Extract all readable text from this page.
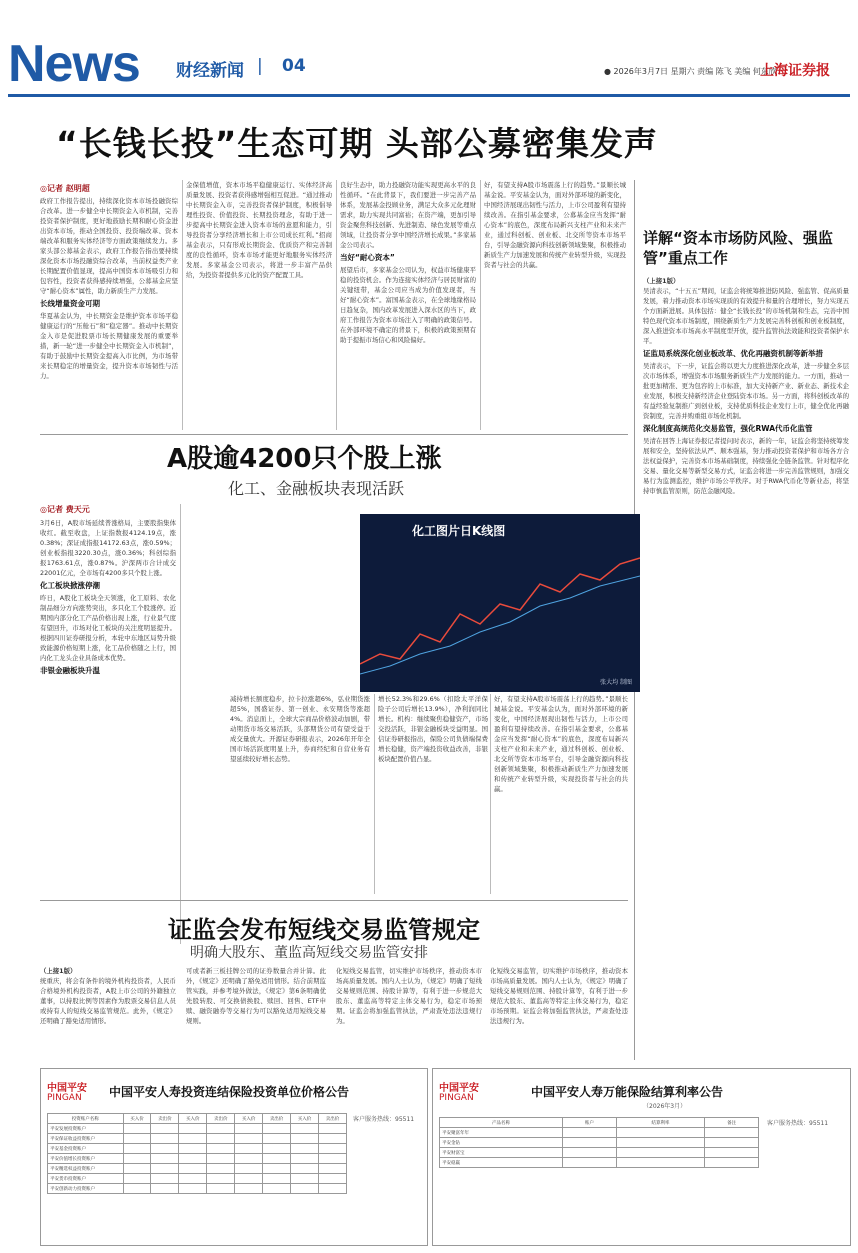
News 财经新闻 | 04	● 2026年3月7日 星期六 责编 陈飞 美编 何东欣
上海证券报
“长钱长投”生态可期 头部公募密集发声
◎记者 赵明超
政府工作报告提出，持续深化资本市场投融资综合改革。进一步健全中长期资金入市机制，完善投资者保护制度，更好地鼓励长期和耐心资金进出资本市场，推动全国投资、投资端改革、资本端改革和服务实体经济等方面政策继续发力。多家头部公募基金表示，政府工作报告指出要持续深化资本市场投融资综合改革，当前权益类产业长期配置价值显现，提高中国资本市场吸引力和包容性，投资者获得感持续增强，公募基金应坚守“耐心资本”属性，助力新质生产力发展。
长线增量资金可期
华夏基金认为，中长期资金是维护资本市场平稳健康运行的“压舱石”和“稳定器”。推动中长期资金入市是促进股票市场长期健康发展的重要举措，新一轮“进一步健全中长期资金入市机制”，有助于鼓励中长期资金提高入市比例，为市场带来长期稳定的增量资金，提升资本市场韧性与活力。
金保值增值，资本市场平稳健康运行、实体经济高质量发展、投资者获得感增强相互促进。“通过推动中长期资金入市，完善投资者保护制度，积极倡导理性投资、价值投资、长期投资理念，有助于进一步提高中长期资金进入资本市场的意愿和能力，引导投资者分享经济增长和上市公司成长红利。”招商基金表示，只有形成长期资金、优质资产和完善制度的良性循环，资本市场才能更好地服务实体经济发展。多家基金公司表示，将进一步丰富产品供给，为投资者提供多元化的资产配置工具。
良好生态中，助力投融资功能实现更高水平的良性循环。“在此背景下，我们要进一步完善产品体系，发展基金投顾业务，满足大众多元化理财需求，助力实现共同富裕；在资产端，更加引导资金聚焦科技创新、先进制造、绿色发展等重点领域，让投资者分享中国经济增长成果。”多家基金公司表示。
当好“耐心资本”
展望后市，多家基金公司认为，权益市场健康平稳的投资机会。作为连接实体经济与居民财富的关键纽带，基金公司应当成为价值发现者，当好“耐心资本”。富国基金表示，在全球地缘格局日趋复杂，国内改革发展进入深水区的当下，政府工作报告为资本市场注入了明确的政策信号。在外部环境不确定的背景下，积极的政策预期有助于提振市场信心和风险偏好。
好，有望支持A股市场震荡上行的趋势。”景顺长城基金说。平安基金认为，面对外部环境的新变化，中国经济展现出韧性与活力，上市公司盈利有望持续改善。在指引基金要求，公募基金应当发挥“耐心资本”的底色，深度布局新兴支柱产业和未来产业，通过科创板、创业板、北交所等资本市场平台，引导金融资源向科技创新领域集聚，积极推动新质生产力加速发展和传统产业转型升级，实现投资者与社会的共赢。
详解“资本市场防风险、强监管”重点工作
（上接1版）
吴清表示，“十五五”期间，证监会将统筹推进防风险、强监管、促高质量发展，着力推动资本市场实现质的有效提升和量的合理增长，努力实现五个方面新进展。具体包括：健全“长钱长投”的市场机制和生态，完善中国特色现代资本市场制度，围绕新质生产力发展完善科创板和创业板制度，深入推进资本市场高水平制度型开放，提升监管执法效能和投资者保护水平。
证监局系统深化创业板改革、优化再融资机制等新举措
吴清表示，下一步，证监会将以更大力度推进深化改革，进一步健全多层次市场体系，增强资本市场服务新质生产力发展的能力。一方面，推动一批更加精准、更为包容的上市标准，加大支持新产业、新业态、新技术企业发展，积极支持新经济企业登陆资本市场。另一方面，将科创板改革的有益经验复制推广到创业板，支持优质科技企业发行上市，健全优化再融资制度，完善并购重组市场化机制。
深化制度高规范化交易监管，强化RWA代币化监管
吴清在回答上海证券报记者提问时表示，新的一年，证监会将坚持统筹发展和安全，坚持依法从严、顺本强基，努力推动投资者保护和市场各方合法权益保护，完善资本市场基础制度，持续强化全链条监管。针对程序化交易、量化交易等新型交易方式，证监会将进一步完善监管规则，加强交易行为监测监控，维护市场公平秩序。对于RWA代币化等新业态，将坚持审慎监管原则，防范金融风险。
A股逾4200只个股上涨
化工、金融板块表现活跃
◎记者 费天元
3月6日，A股市场延续普涨格局，主要股指集体收红。截至收盘，上证指数报4124.19点，涨0.38%；深证成指报14172.63点，涨0.59%；创业板指报3220.30点，涨0.36%；科创综指报1763.61点，涨0.87%。沪深两市合计成交22001亿元，全市场有4200多只个股上涨。
化工板块掀涨停潮
昨日，A股化工板块全天领涨，化工原料、农化制品细分方向涨势突出，多只化工个股涨停。近期国内部分化工产品价格出现上涨，行业景气度有望回升，市场对化工板块的关注度明显提升。根据四川证券研报分析，本轮中东地区局势升级致能源价格短期上涨，化工品价格随之上行，国内化工龙头企业具备成本优势。
非银金融板块升温
化工图片日K线图
张大均 制图
减持增长额度稳步，拉卡拉涨超6%，弘业期货涨超5%，国盛证券、第一创业、永安期货等涨超4%。消息面上，全球大宗商品价格波动加剧，带动期货市场交易活跃，头部期货公司有望受益于成交量放大。开源证券研报表示，2026年开年全国市场活跃度明显上升，券商经纪和自营业务有望延续较好增长态势。
增长52.3%和29.6%（扣除太平洋保险子公司后增长13.9%），净利润同比增长。机构：继续聚焦稳健资产，市场交投活跃，非银金融板块受益明显。国信证券研报指出，保险公司负债端保费增长稳健，资产端投资收益改善，非银板块配置价值凸显。
好，有望支持A股市场震荡上行的趋势。”景顺长城基金说。平安基金认为，面对外部环境的新变化，中国经济展现出韧性与活力，上市公司盈利有望持续改善。在指引基金要求，公募基金应当发挥“耐心资本”的底色，深度布局新兴支柱产业和未来产业，通过科创板、创业板、北交所等资本市场平台，引导金融资源向科技创新领域集聚，积极推动新质生产力加速发展和传统产业转型升级，实现投资者与社会的共赢。
证监会发布短线交易监管规定
明确大股东、董监高短线交易监管安排
（上接1版）
统重庆，将会有条件的境外机构投资者，人民币合格境外机构投资者，A股上市公司的外籍独立董事，以持股比例等因素作为股票交易信息人员或持有人的短线交易监管规范。此外，《规定》还明确了豁免适用情形。
可或者新三板挂牌公司的证券数量合并计算。此外，《规定》还明确了豁免适用情形。结合前期监管实践，并参考境外做法，《规定》第6条明确优先股转股、可交换债换股、赎回、回售、ETF申赎、融资融券等交易行为可以豁免适用短线交易规则。
化短线交易监管，切实维护市场秩序，推动资本市场高质量发展。国内人士认为，《规定》明确了短线交易规则范围、持股计算等，有利于进一步规范大股东、董监高等特定主体交易行为，稳定市场预期。证监会将加强监管执法，严肃查处违法违规行为。
化短线交易监管，切实维护市场秩序，推动资本市场高质量发展。国内人士认为，《规定》明确了短线交易规则范围、持股计算等，有利于进一步规范大股东、董监高等特定主体交易行为，稳定市场预期。证监会将加强监管执法，严肃查处违法违规行为。
中国平安
PINGAN 中国平安人寿投资连结保险投资单位价格公告
投资账户名称	买入价	卖出价	买入价	卖出价	买入价	卖出价	买入价	卖出价
平安发展投资账户								
平安保证收益投资账户								
平安基金投资账户								
平安价值增长投资账户								
平安精选权益投资账户								
平安货币投资账户								
平安创新动力投资账户								
客户服务热线：95511
中国平安
PINGAN	中国平安人寿万能保险结算利率公告
（2026年3月）
产品名称	账户	结算利率	备注
平安聚富年年			
平安金钻			
平安财富宝			
平安稳赢			
客户服务热线：95511
